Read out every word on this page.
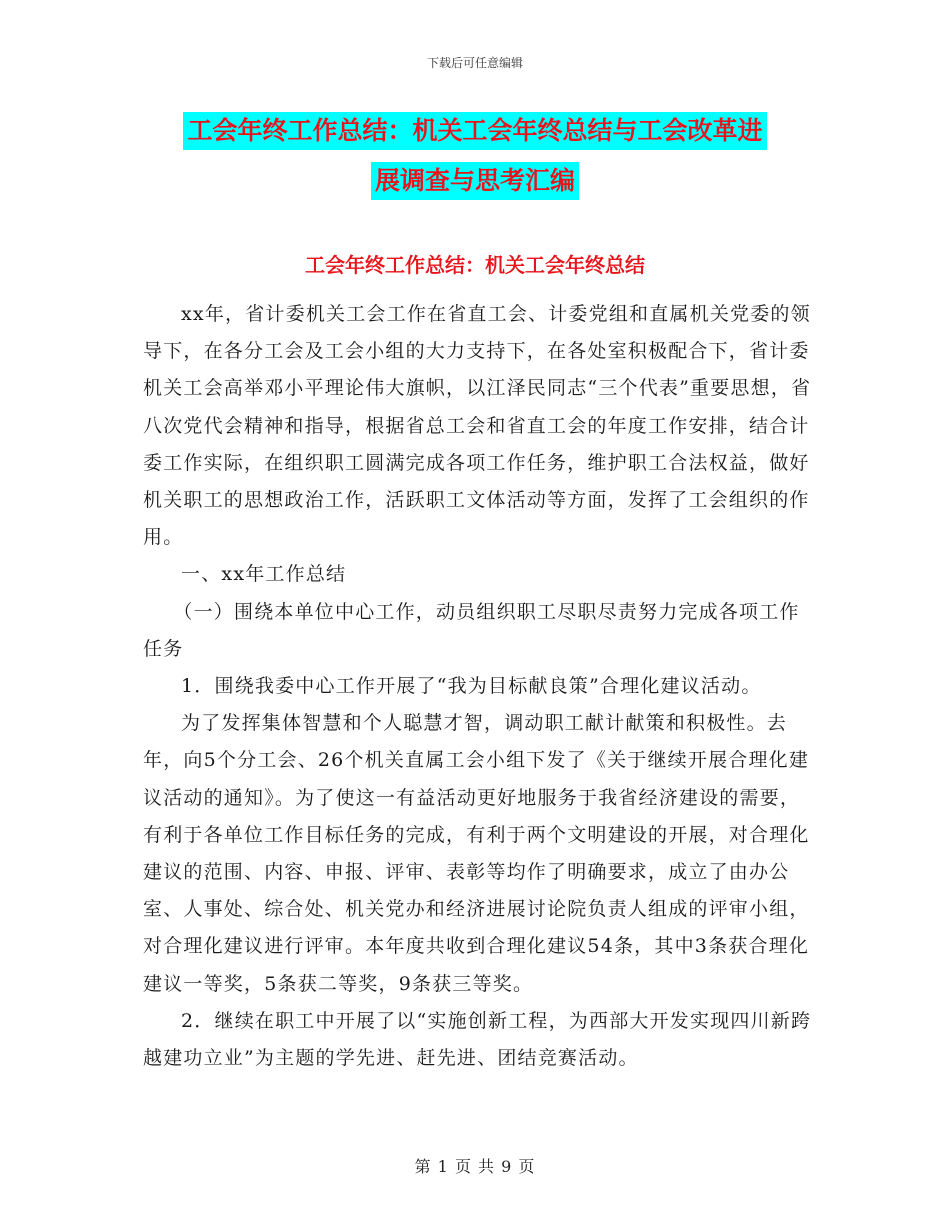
下载后可任意编辑
工会年终工作总结：机关工会年终总结与工会改革进
展调查与思考汇编
工会年终工作总结：机关工会年终总结

xx年，省计委机关工会工作在省直工会、计委党组和直属机关党委的领导下，在各分工会及工会小组的大力支持下，在各处室积极配合下，省计委机关工会高举邓小平理论伟大旗帜，以江泽民同志“三个代表”重要思想，省八次党代会精神和指导，根据省总工会和省直工会的年度工作安排，结合计委工作实际，在组织职工圆满完成各项工作任务，维护职工合法权益，做好机关职工的思想政治工作，活跃职工文体活动等方面，发挥了工会组织的作用。

一、xx年工作总结

（一）围绕本单位中心工作，动员组织职工尽职尽责努力完成各项工作任务

1．围绕我委中心工作开展了“我为目标献良策”合理化建议活动。

为了发挥集体智慧和个人聪慧才智，调动职工献计献策和积极性。去年，向5个分工会、26个机关直属工会小组下发了《关于继续开展合理化建议活动的通知》。为了使这一有益活动更好地服务于我省经济建设的需要，有利于各单位工作目标任务的完成，有利于两个文明建设的开展，对合理化建议的范围、内容、申报、评审、表彰等均作了明确要求，成立了由办公室、人事处、综合处、机关党办和经济进展讨论院负责人组成的评审小组，对合理化建议进行评审。本年度共收到合理化建议54条，其中3条获合理化建议一等奖，5条获二等奖，9条获三等奖。

2．继续在职工中开展了以“实施创新工程，为西部大开发实现四川新跨越建功立业”为主题的学先进、赶先进、团结竞赛活动。

第 1 页 共 9 页
